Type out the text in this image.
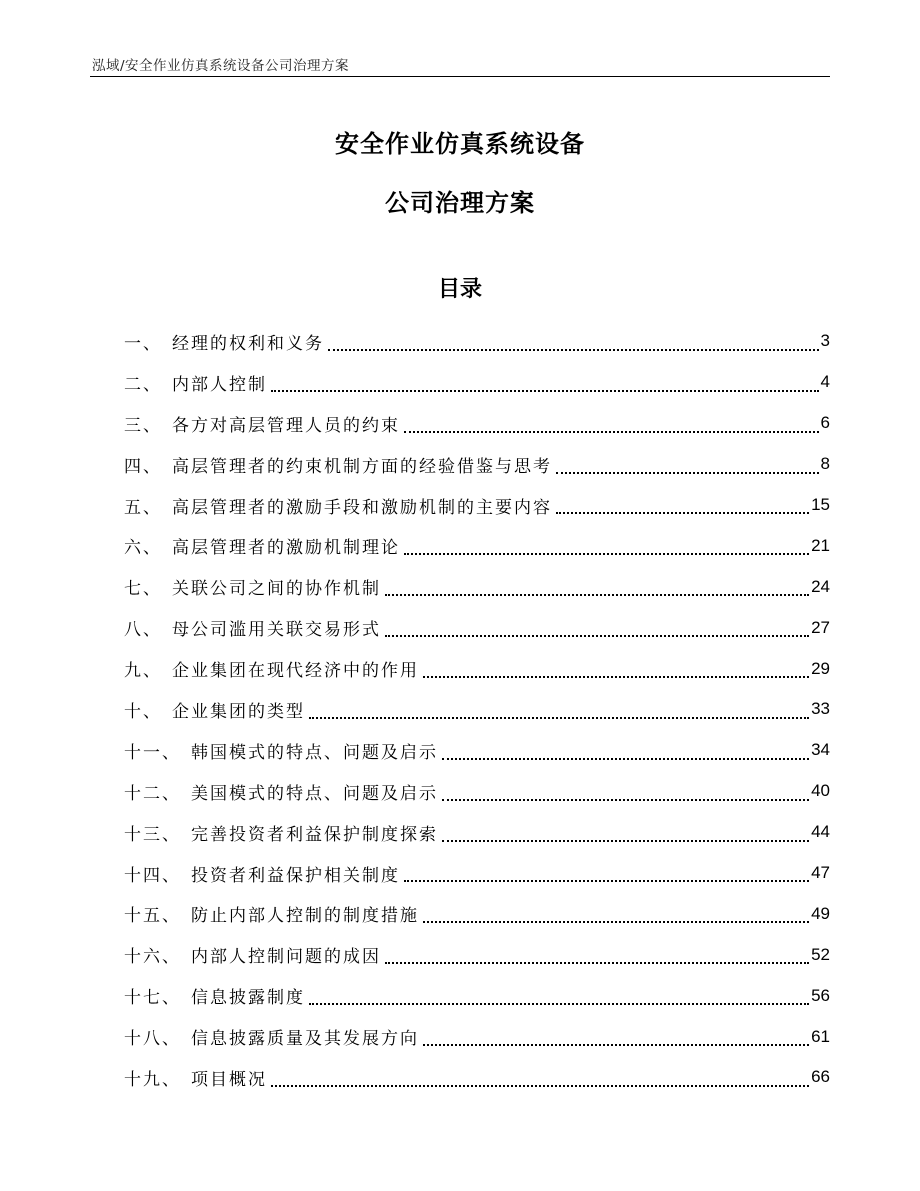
泓域/安全作业仿真系统设备公司治理方案
安全作业仿真系统设备
公司治理方案
目录
一 、 经理的权利和义务	3
二 、 内部人控制	4
三 、 各方对高层管理人员的约束	6
四 、 高层管理者的约束机制方面的经验借鉴与思考	8
五 、 高层管理者的激励手段和激励机制的主要内容	15
六 、 高层管理者的激励机制理论	21
七 、 关联公司之间的协作机制	24
八 、 母公司滥用关联交易形式	27
九 、 企业集团在现代经济中的作用	29
十 、 企业集团的类型	33
十一 、 韩国模式的特点、问题及启示	34
十二 、 美国模式的特点、问题及启示	40
十三 、 完善投资者利益保护制度探索	44
十四 、 投资者利益保护相关制度	47
十五 、 防止内部人控制的制度措施	49
十六 、 内部人控制问题的成因	52
十七 、 信息披露制度	56
十八 、 信息披露质量及其发展方向	61
十九 、 项目概况	66
